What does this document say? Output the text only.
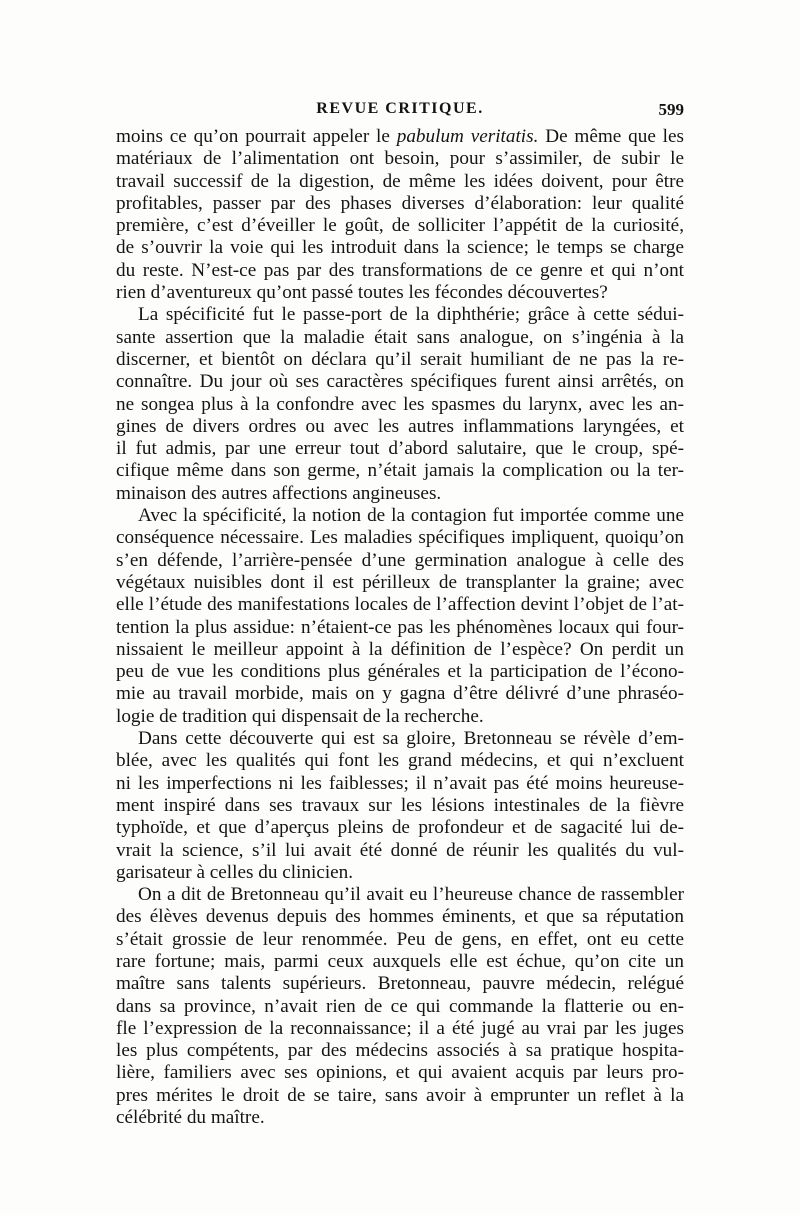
REVUE CRITIQUE.	599

moins ce qu’on pourrait appeler le pabulum veritatis. De même que les
matériaux de l’alimentation ont besoin, pour s’assimiler, de subir le
travail successif de la digestion, de même les idées doivent, pour être
profitables, passer par des phases diverses d’élaboration: leur qualité
première, c’est d’éveiller le goût, de solliciter l’appétit de la curiosité,
de s’ouvrir la voie qui les introduit dans la science; le temps se charge
du reste. N’est-ce pas par des transformations de ce genre et qui n’ont
rien d’aventureux qu’ont passé toutes les fécondes découvertes?

La spécificité fut le passe-port de la diphthérie; grâce à cette sédui-
sante assertion que la maladie était sans analogue, on s’ingénia à la
discerner, et bientôt on déclara qu’il serait humiliant de ne pas la re-
connaître. Du jour où ses caractères spécifiques furent ainsi arrêtés, on
ne songea plus à la confondre avec les spasmes du larynx, avec les an-
gines de divers ordres ou avec les autres inflammations laryngées, et
il fut admis, par une erreur tout d’abord salutaire, que le croup, spé-
cifique même dans son germe, n’était jamais la complication ou la ter-
minaison des autres affections angineuses.

Avec la spécificité, la notion de la contagion fut importée comme une
conséquence nécessaire. Les maladies spécifiques impliquent, quoiqu’on
s’en défende, l’arrière-pensée d’une germination analogue à celle des
végétaux nuisibles dont il est périlleux de transplanter la graine; avec
elle l’étude des manifestations locales de l’affection devint l’objet de l’at-
tention la plus assidue: n’étaient-ce pas les phénomènes locaux qui four-
nissaient le meilleur appoint à la définition de l’espèce? On perdit un
peu de vue les conditions plus générales et la participation de l’écono-
mie au travail morbide, mais on y gagna d’être délivré d’une phraséo-
logie de tradition qui dispensait de la recherche.

Dans cette découverte qui est sa gloire, Bretonneau se révèle d’em-
blée, avec les qualités qui font les grand médecins, et qui n’excluent
ni les imperfections ni les faiblesses; il n’avait pas été moins heureuse-
ment inspiré dans ses travaux sur les lésions intestinales de la fièvre
typhoïde, et que d’aperçus pleins de profondeur et de sagacité lui de-
vrait la science, s’il lui avait été donné de réunir les qualités du vul-
garisateur à celles du clinicien.

On a dit de Bretonneau qu’il avait eu l’heureuse chance de rassembler
des élèves devenus depuis des hommes éminents, et que sa réputation
s’était grossie de leur renommée. Peu de gens, en effet, ont eu cette
rare fortune; mais, parmi ceux auxquels elle est échue, qu’on cite un
maître sans talents supérieurs. Bretonneau, pauvre médecin, relégué
dans sa province, n’avait rien de ce qui commande la flatterie ou en-
fle l’expression de la reconnaissance; il a été jugé au vrai par les juges
les plus compétents, par des médecins associés à sa pratique hospita-
lière, familiers avec ses opinions, et qui avaient acquis par leurs pro-
pres mérites le droit de se taire, sans avoir à emprunter un reflet à la
célébrité du maître.
